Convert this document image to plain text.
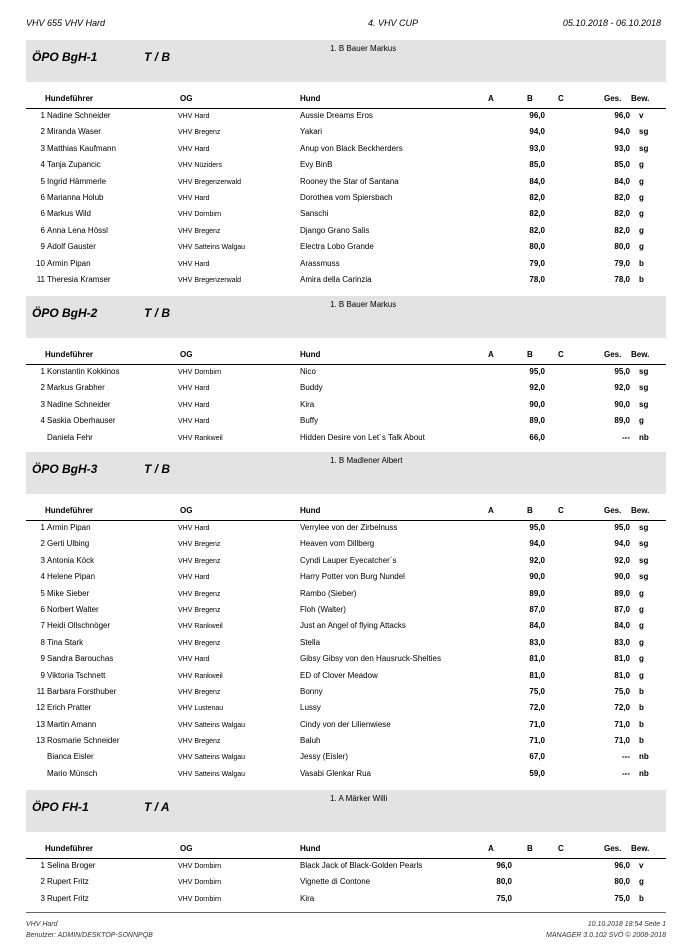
VHV 655 VHV Hard	4. VHV CUP	05.10.2018 - 06.10.2018
ÖPO BgH-1	T / B
1. B Bauer Markus
Hundeführer	OG	Hund	A	B	C	Ges. Bew.
1 Nadine Schneider	VHV Hard	Aussie Dreams Eros	96,0	96,0 v
2 Miranda Waser	VHV Bregenz	Yakari	94,0	94,0 sg
3 Matthias Kaufmann	VHV Hard	Anup von Black Beckherders	93,0	93,0 sg
4 Tanja Zupancic	VHV Nüziders	Evy BinB	85,0	85,0 g
5 Ingrid Hämmerle	VHV Bregenzerwald	Rooney the Star of Santana	84,0	84,0 g
6 Marianna Holub	VHV Hard	Dorothea vom Spiersbach	82,0	82,0 g
6 Markus Wild	VHV Dornbirn	Sanschi	82,0	82,0 g
6 Anna Lena Hössl	VHV Bregenz	Django Grano Salis	82,0	82,0 g
9 Adolf Gauster	VHV Satteins Walgau	Electra Lobo Grande	80,0	80,0 g
10 Armin Pipan	VHV Hard	Arassmuss	79,0	79,0 b
11 Theresia Kramser	VHV Bregenzerwald	Amira della Carinzia	78,0	78,0 b
ÖPO BgH-2	T / B
1. B Bauer Markus
Hundeführer	OG	Hund	A	B	C	Ges. Bew.
1 Konstantin Kokkinos	VHV Dornbirn	Nico	95,0	95,0 sg
2 Markus Grabher	VHV Hard	Buddy	92,0	92,0 sg
3 Nadine Schneider	VHV Hard	Kira	90,0	90,0 sg
4 Saskia Oberhauser	VHV Hard	Buffy	89,0	89,0 g
Daniela Fehr	VHV Rankweil	Hidden Desire von Let´s Talk About	66,0	--- nb
ÖPO BgH-3	T / B
1. B Madlener Albert
Hundeführer	OG	Hund	A	B	C	Ges. Bew.
1 Armin Pipan	VHV Hard	Verrylee von der Zirbelnuss	95,0	95,0 sg
2 Gerti Ulbing	VHV Bregenz	Heaven vom Dillberg	94,0	94,0 sg
3 Antonia Köck	VHV Bregenz	Cyndi Lauper Eyecatcher´s	92,0	92,0 sg
4 Helene Pipan	VHV Hard	Harry Potter von Burg Nundel	90,0	90,0 sg
5 Mike Sieber	VHV Bregenz	Rambo (Sieber)	89,0	89,0 g
6 Norbert Walter	VHV Bregenz	Floh (Walter)	87,0	87,0 g
7 Heidi Ollschnöger	VHV Rankweil	Just an Angel of flying Attacks	84,0	84,0 g
8 Tina Stark	VHV Bregenz	Stella	83,0	83,0 g
9 Sandra Barouchas	VHV Hard	Gibsy Gibsy von den Hausruck-Shelties	81,0	81,0 g
9 Viktoria Tschnett	VHV Rankweil	ED of Clover Meadow	81,0	81,0 g
11 Barbara Forsthuber	VHV Bregenz	Bonny	75,0	75,0 b
12 Erich Pratter	VHV Lustenau	Lussy	72,0	72,0 b
13 Martin Amann	VHV Satteins Walgau	Cindy von der Lilienwiese	71,0	71,0 b
13 Rosmarie Schneider	VHV Bregenz	Baluh	71,0	71,0 b
Bianca Eisler	VHV Satteins Walgau	Jessy (Eisler)	67,0	--- nb
Mario Münsch	VHV Satteins Walgau	Vasabi Glenkar Rua	59,0	--- nb
ÖPO FH-1	T / A
1. A Märker Willi
Hundeführer	OG	Hund	A	B	C	Ges. Bew.
1 Selina Broger	VHV Dornbirn	Black Jack of Black-Golden Pearls	96,0	96,0 v
2 Rupert Fritz	VHV Dornbirn	Vignette di Contone	80,0	80,0 g
3 Rupert Fritz	VHV Dornbirn	Kira	75,0	75,0 b
VHV Hard
Benutzer: ADMIN/DESKTOP-SONNPQB
10.10.2018 18:54 Seite 1
MANAGER 3.0.102 SVÖ © 2008-2018
